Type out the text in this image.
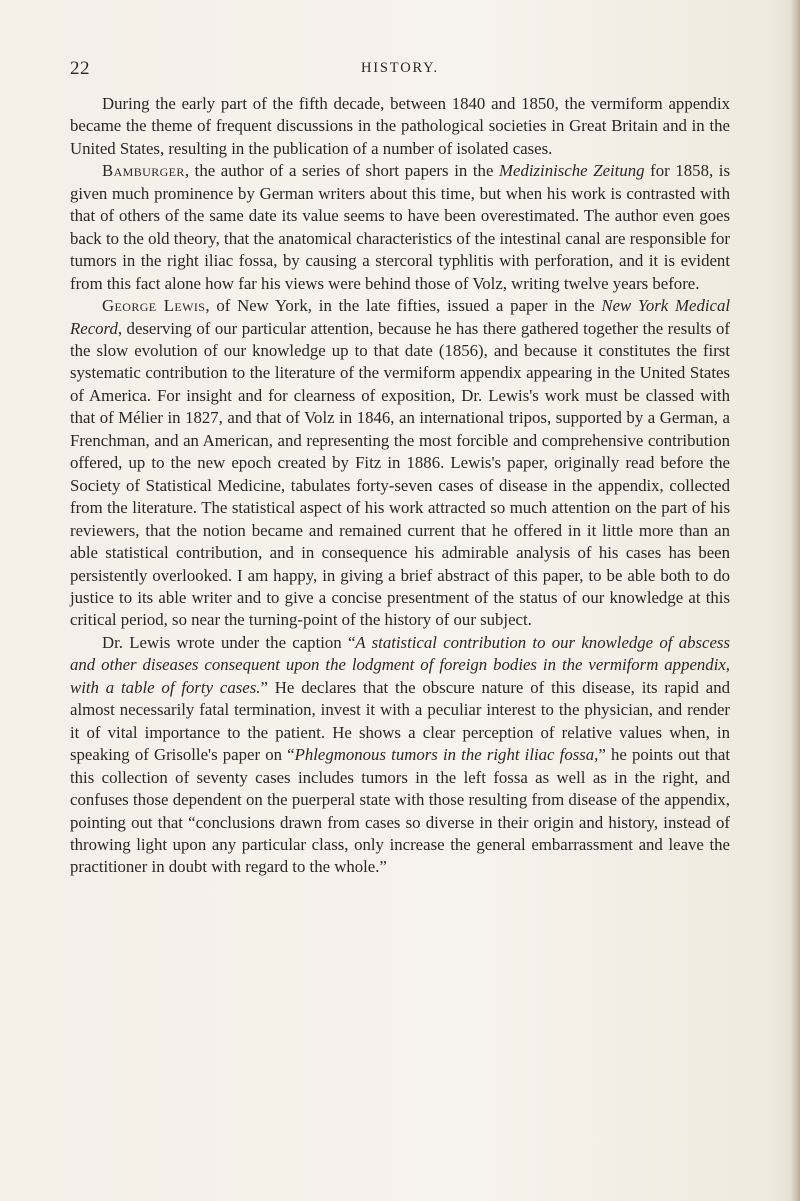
22	HISTORY.

During the early part of the fifth decade, between 1840 and 1850, the vermiform appendix became the theme of frequent discussions in the pathological societies in Great Britain and in the United States, resulting in the publication of a number of isolated cases.

Bamburger, the author of a series of short papers in the Medizinische Zeitung for 1858, is given much prominence by German writers about this time, but when his work is contrasted with that of others of the same date its value seems to have been overestimated. The author even goes back to the old theory, that the anatomical characteristics of the intestinal canal are responsible for tumors in the right iliac fossa, by causing a stercoral typhlitis with perforation, and it is evident from this fact alone how far his views were behind those of Volz, writing twelve years before.

George Lewis, of New York, in the late fifties, issued a paper in the New York Medical Record, deserving of our particular attention, because he has there gathered together the results of the slow evolution of our knowledge up to that date (1856), and because it constitutes the first systematic contribution to the literature of the vermiform appendix appearing in the United States of America. For insight and for clearness of exposition, Dr. Lewis's work must be classed with that of Mélier in 1827, and that of Volz in 1846, an international tripos, supported by a German, a Frenchman, and an American, and representing the most forcible and comprehensive contribution offered, up to the new epoch created by Fitz in 1886. Lewis's paper, originally read before the Society of Statistical Medicine, tabulates forty-seven cases of disease in the appendix, collected from the literature. The statistical aspect of his work attracted so much attention on the part of his reviewers, that the notion became and remained current that he offered in it little more than an able statistical contribution, and in consequence his admirable analysis of his cases has been persistently overlooked. I am happy, in giving a brief abstract of this paper, to be able both to do justice to its able writer and to give a concise presentment of the status of our knowledge at this critical period, so near the turning-point of the history of our subject.

Dr. Lewis wrote under the caption “A statistical contribution to our knowledge of abscess and other diseases consequent upon the lodgment of foreign bodies in the vermiform appendix, with a table of forty cases.” He declares that the obscure nature of this disease, its rapid and almost necessarily fatal termination, invest it with a peculiar interest to the physician, and render it of vital importance to the patient. He shows a clear perception of relative values when, in speaking of Grisolle's paper on “Phlegmonous tumors in the right iliac fossa,” he points out that this collection of seventy cases includes tumors in the left fossa as well as in the right, and confuses those dependent on the puerperal state with those resulting from disease of the appendix, pointing out that “conclusions drawn from cases so diverse in their origin and history, instead of throwing light upon any particular class, only increase the general embarrassment and leave the practitioner in doubt with regard to the whole.”
